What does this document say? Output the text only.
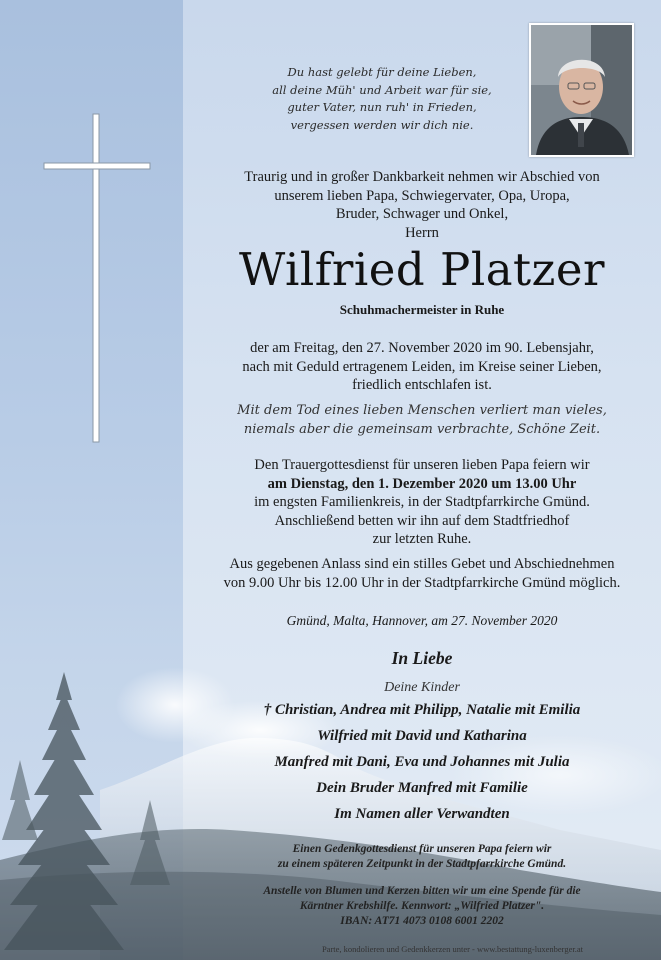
Du hast gelebt für deine Lieben,
all deine Müh' und Arbeit war für sie,
guter Vater, nun ruh' in Frieden,
vergessen werden wir dich nie.
Traurig und in großer Dankbarkeit nehmen wir Abschied von
unserem lieben Papa, Schwiegervater, Opa, Uropa,
Bruder, Schwager und Onkel,
Herrn
Wilfried Platzer
Schuhmachermeister in Ruhe
der am Freitag, den 27. November 2020 im 90. Lebensjahr,
nach mit Geduld ertragenem Leiden, im Kreise seiner Lieben,
friedlich entschlafen ist.
Mit dem Tod eines lieben Menschen verliert man vieles,
niemals aber die gemeinsam verbrachte, Schöne Zeit.
Den Trauergottesdienst für unseren lieben Papa feiern wir
am Dienstag, den 1. Dezember 2020 um 13.00 Uhr
im engsten Familienkreis, in der Stadtpfarrkirche Gmünd.
Anschließend betten wir ihn auf dem Stadtfriedhof
zur letzten Ruhe.
Aus gegebenen Anlass sind ein stilles Gebet und Abschiednehmen
von 9.00 Uhr bis 12.00 Uhr in der Stadtpfarrkirche Gmünd möglich.
Gmünd, Malta, Hannover, am 27. November 2020
In Liebe
Deine Kinder
† Christian, Andrea mit Philipp, Natalie mit Emilia
Wilfried mit David und Katharina
Manfred mit Dani, Eva und Johannes mit Julia
Dein Bruder Manfred mit Familie
Im Namen aller Verwandten
Einen Gedenkgottesdienst für unseren Papa feiern wir
zu einem späteren Zeitpunkt in der Stadtpfarrkirche Gmünd.
Anstelle von Blumen und Kerzen bitten wir um eine Spende für die
Kärntner Krebshilfe. Kennwort: „Wilfried Platzer".
IBAN: AT71 4073 0108 6001 2202
Parte, kondolieren und Gedenkkerzen unter - www.bestattung-luxenberger.at
